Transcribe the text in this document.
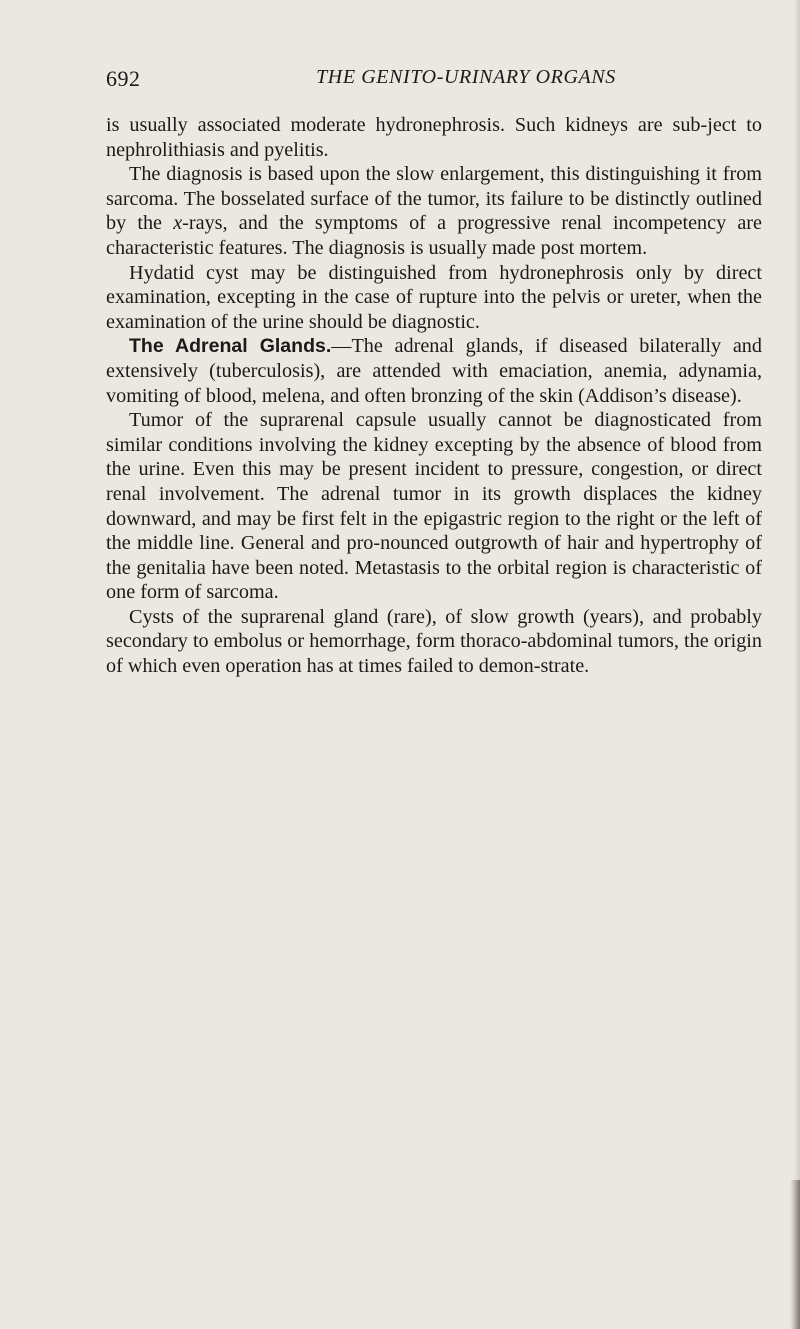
692	THE GENITO-URINARY ORGANS

is usually associated moderate hydronephrosis. Such kidneys are sub-ject to nephrolithiasis and pyelitis.

The diagnosis is based upon the slow enlargement, this distinguishing it from sarcoma. The bosselated surface of the tumor, its failure to be distinctly outlined by the x-rays, and the symptoms of a progressive renal incompetency are characteristic features. The diagnosis is usually made post mortem.

Hydatid cyst may be distinguished from hydronephrosis only by direct examination, excepting in the case of rupture into the pelvis or ureter, when the examination of the urine should be diagnostic.

The Adrenal Glands.—The adrenal glands, if diseased bilaterally and extensively (tuberculosis), are attended with emaciation, anemia, adynamia, vomiting of blood, melena, and often bronzing of the skin (Addison’s disease).

Tumor of the suprarenal capsule usually cannot be diagnosticated from similar conditions involving the kidney excepting by the absence of blood from the urine. Even this may be present incident to pressure, congestion, or direct renal involvement. The adrenal tumor in its growth displaces the kidney downward, and may be first felt in the epigastric region to the right or the left of the middle line. General and pro-nounced outgrowth of hair and hypertrophy of the genitalia have been noted. Metastasis to the orbital region is characteristic of one form of sarcoma.

Cysts of the suprarenal gland (rare), of slow growth (years), and probably secondary to embolus or hemorrhage, form thoraco-abdominal tumors, the origin of which even operation has at times failed to demon-strate.
